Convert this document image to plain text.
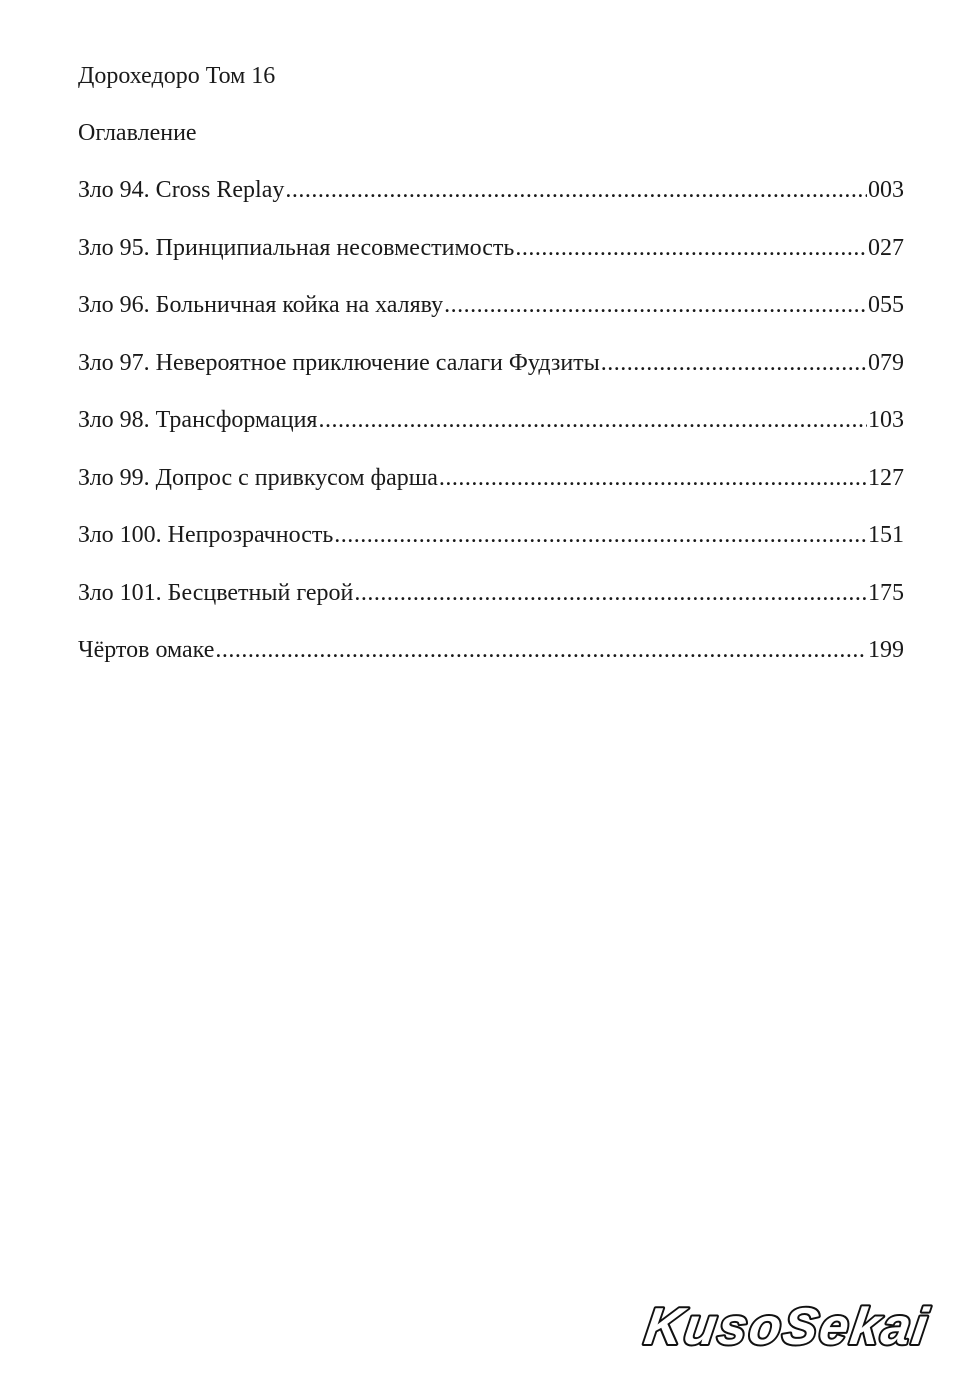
Дорохедоро Том 16
Оглавление
Зло 94. Cross Replay .....	003
Зло 95. Принципиальная несовместимость .....	027
Зло 96. Больничная койка на халяву .....	055
Зло 97. Невероятное приключение салаги Фудзиты .....	079
Зло 98. Трансформация .....	103
Зло 99. Допрос с привкусом фарша .....	127
Зло 100. Непрозрачность .....	151
Зло 101. Бесцветный герой .....	175
Чёртов омаке .....	199
KusoSekai
